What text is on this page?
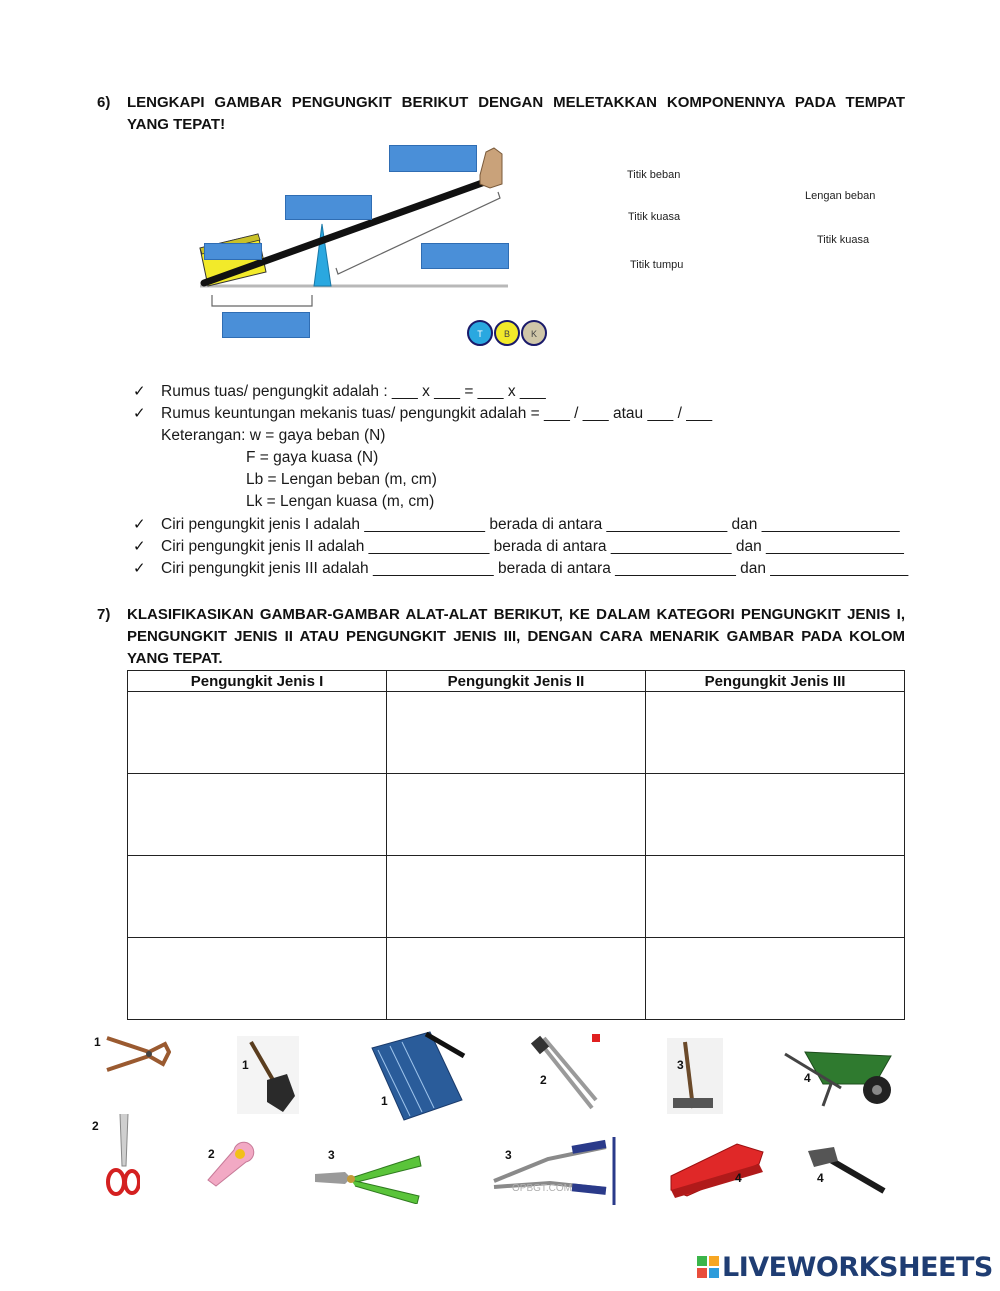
6) LENGKAPI GAMBAR PENGUNGKIT BERIKUT DENGAN MELETAKKAN KOMPONENNYA PADA TEMPAT YANG TEPAT!
T B K
Titik beban
Lengan beban
Titik kuasa
Titik kuasa
Titik tumpu
✓ Rumus tuas/ pengungkit adalah : ___ x ___ = ___ x ___
✓ Rumus keuntungan mekanis tuas/ pengungkit adalah = ___ / ___ atau ___ / ___
Keterangan: w = gaya beban (N)
F = gaya kuasa (N)
Lb = Lengan beban (m, cm)
Lk = Lengan kuasa (m, cm)
✓ Ciri pengungkit jenis I adalah ______________ berada di antara ______________ dan ________________
✓ Ciri pengungkit jenis II adalah ______________ berada di antara ______________ dan ________________
✓ Ciri pengungkit jenis III adalah ______________ berada di antara ______________ dan ________________
7) KLASIFIKASIKAN GAMBAR-GAMBAR ALAT-ALAT BERIKUT, KE DALAM KATEGORI PENGUNGKIT JENIS I, PENGUNGKIT JENIS II ATAU PENGUNGKIT JENIS III, DENGAN CARA MENARIK GAMBAR PADA KOLOM YANG TEPAT.
Pengungkit Jenis I	Pengungkit Jenis II	Pengungkit Jenis III

1
1
1
2
3
4
2
2	3
OPBGT.COM
3
4	4
LIVEWORKSHEETS
